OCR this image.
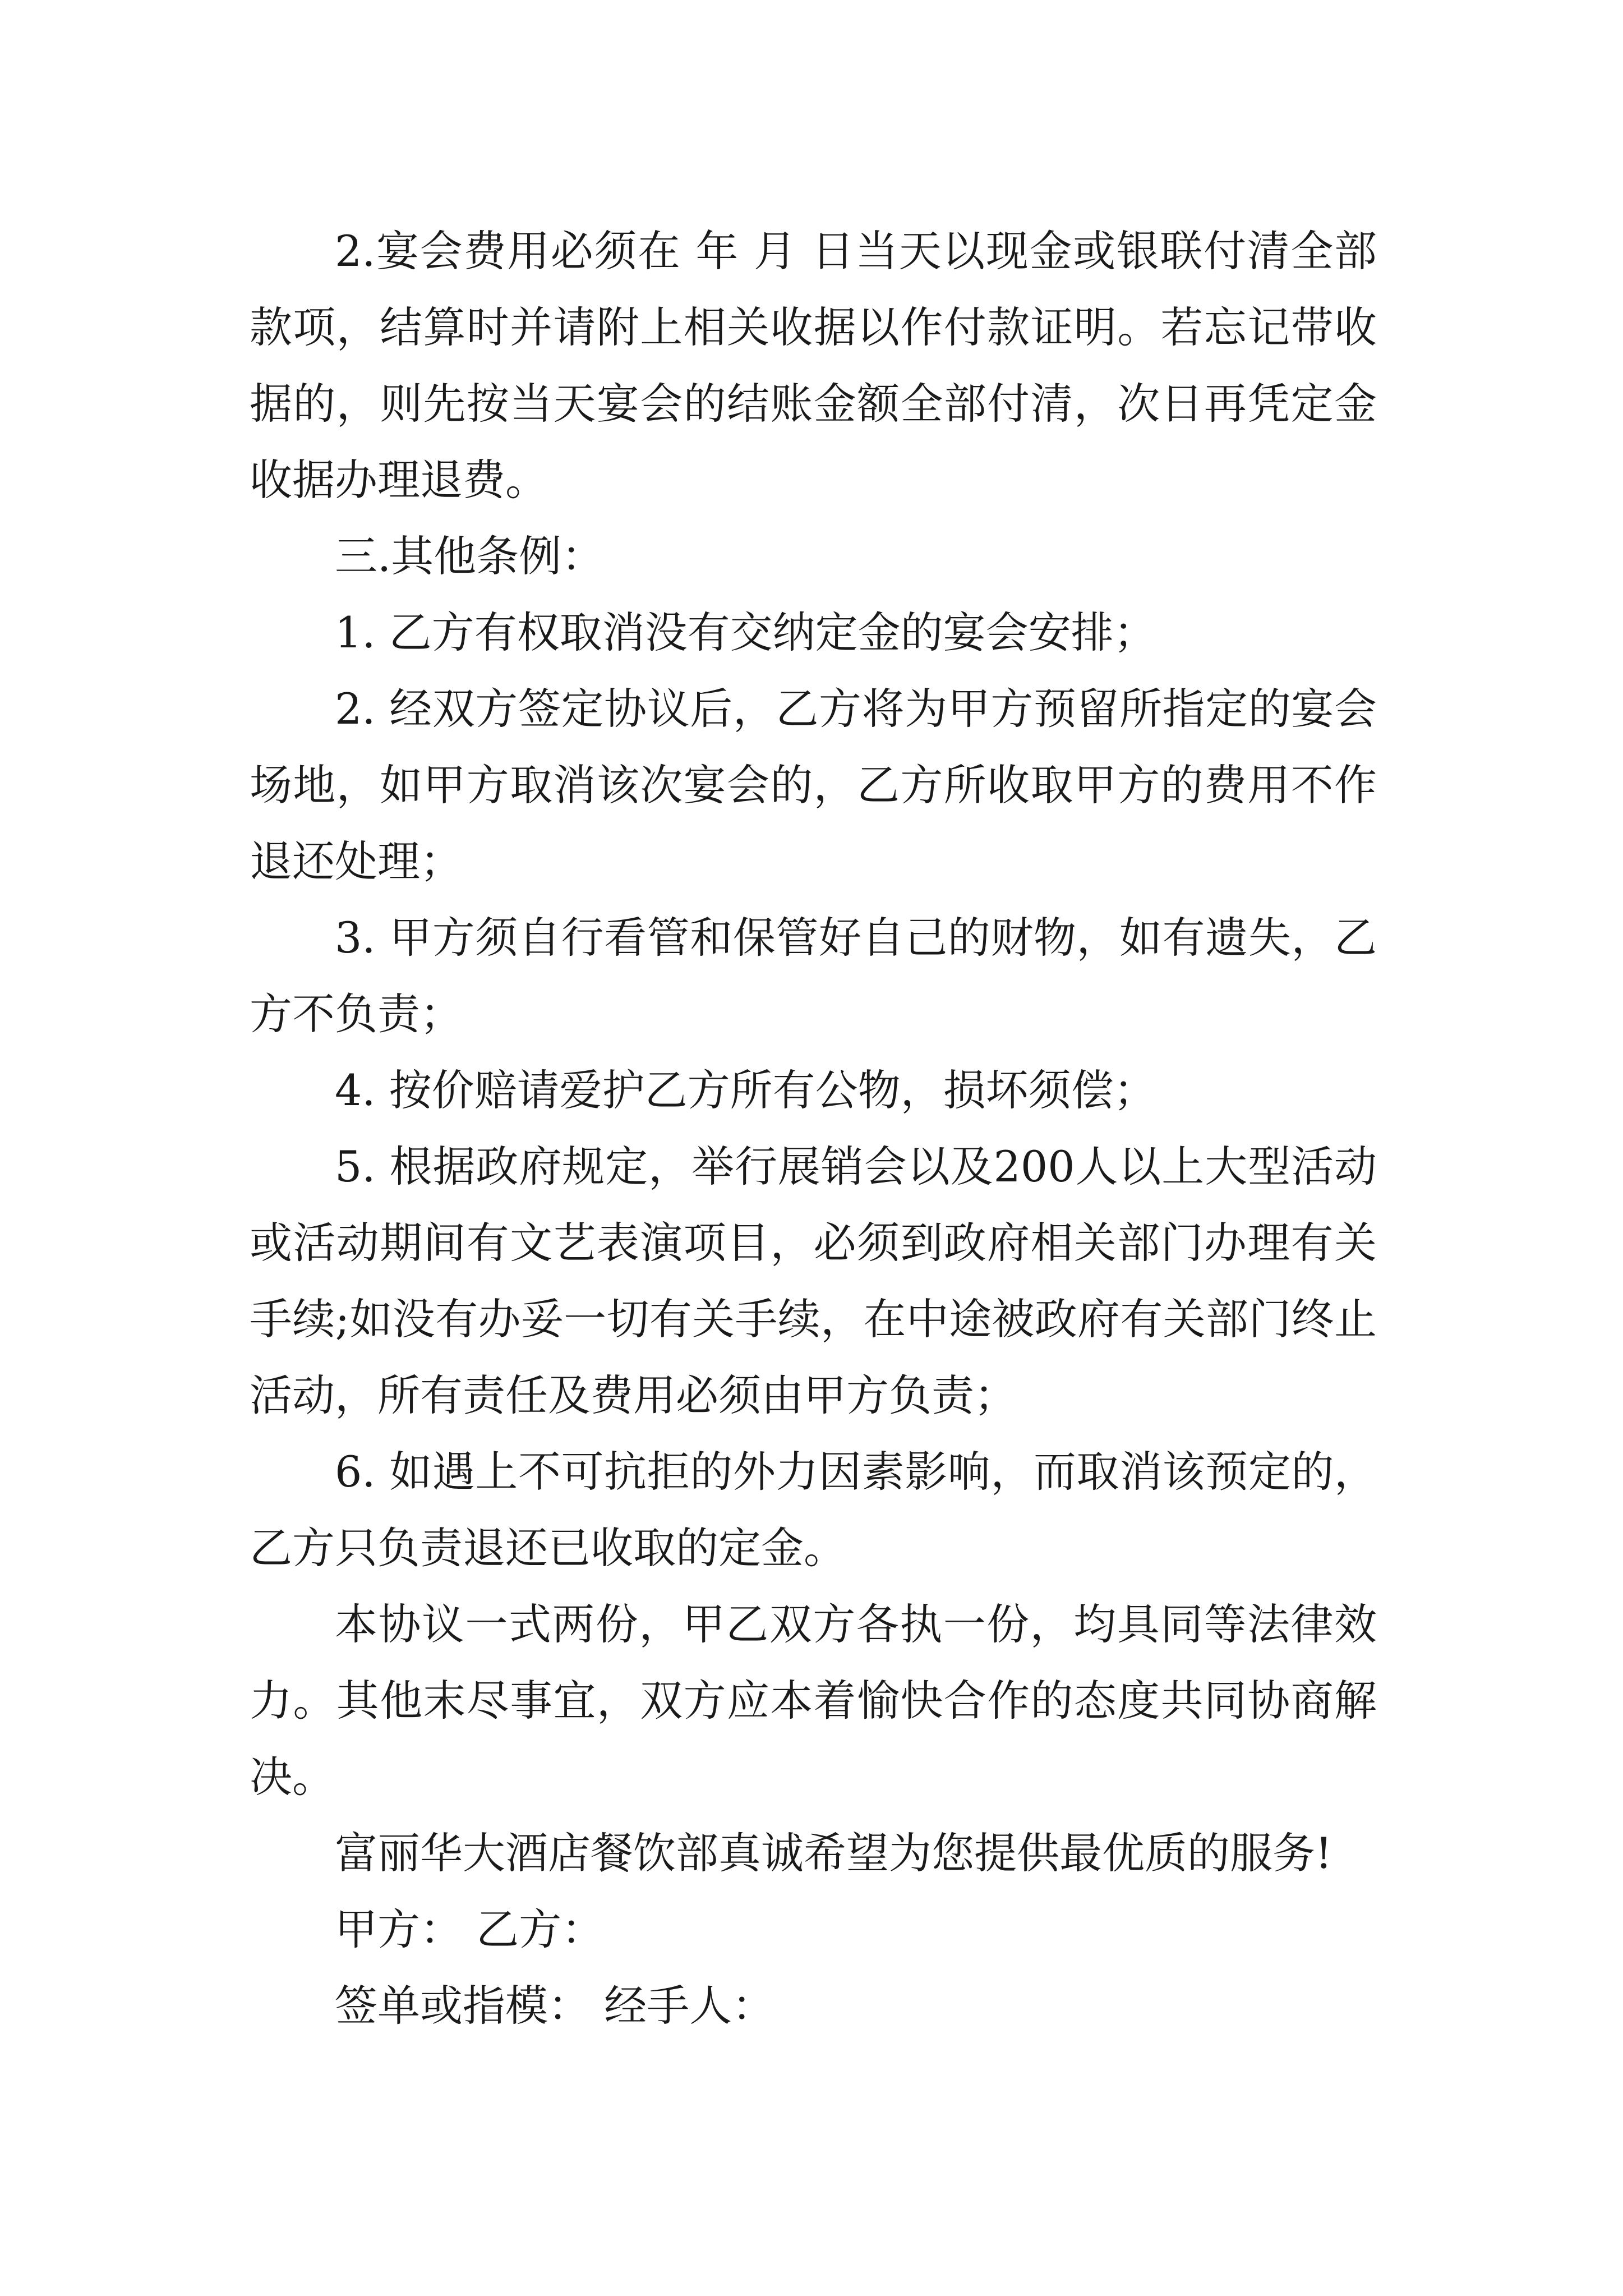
2.宴会费用必须在 年 月 日当天以现金或银联付清全部款项，结算时并请附上相关收据以作付款证明。若忘记带收据的，则先按当天宴会的结账金额全部付清，次日再凭定金收据办理退费。

三.其他条例：

1. 乙方有权取消没有交纳定金的宴会安排；

2. 经双方签定协议后，乙方将为甲方预留所指定的宴会场地，如甲方取消该次宴会的，乙方所收取甲方的费用不作退还处理；

3. 甲方须自行看管和保管好自己的财物，如有遗失，乙方不负责；

4. 按价赔请爱护乙方所有公物，损坏须偿；

5. 根据政府规定，举行展销会以及200人以上大型活动或活动期间有文艺表演项目，必须到政府相关部门办理有关手续;如没有办妥一切有关手续，在中途被政府有关部门终止活动，所有责任及费用必须由甲方负责；

6. 如遇上不可抗拒的外力因素影响，而取消该预定的，乙方只负责退还已收取的定金。

本协议一式两份，甲乙双方各执一份，均具同等法律效力。其他末尽事宜，双方应本着愉快合作的态度共同协商解决。

富丽华大酒店餐饮部真诚希望为您提供最优质的服务!

甲方： 乙方：

签单或指模： 经手人：
